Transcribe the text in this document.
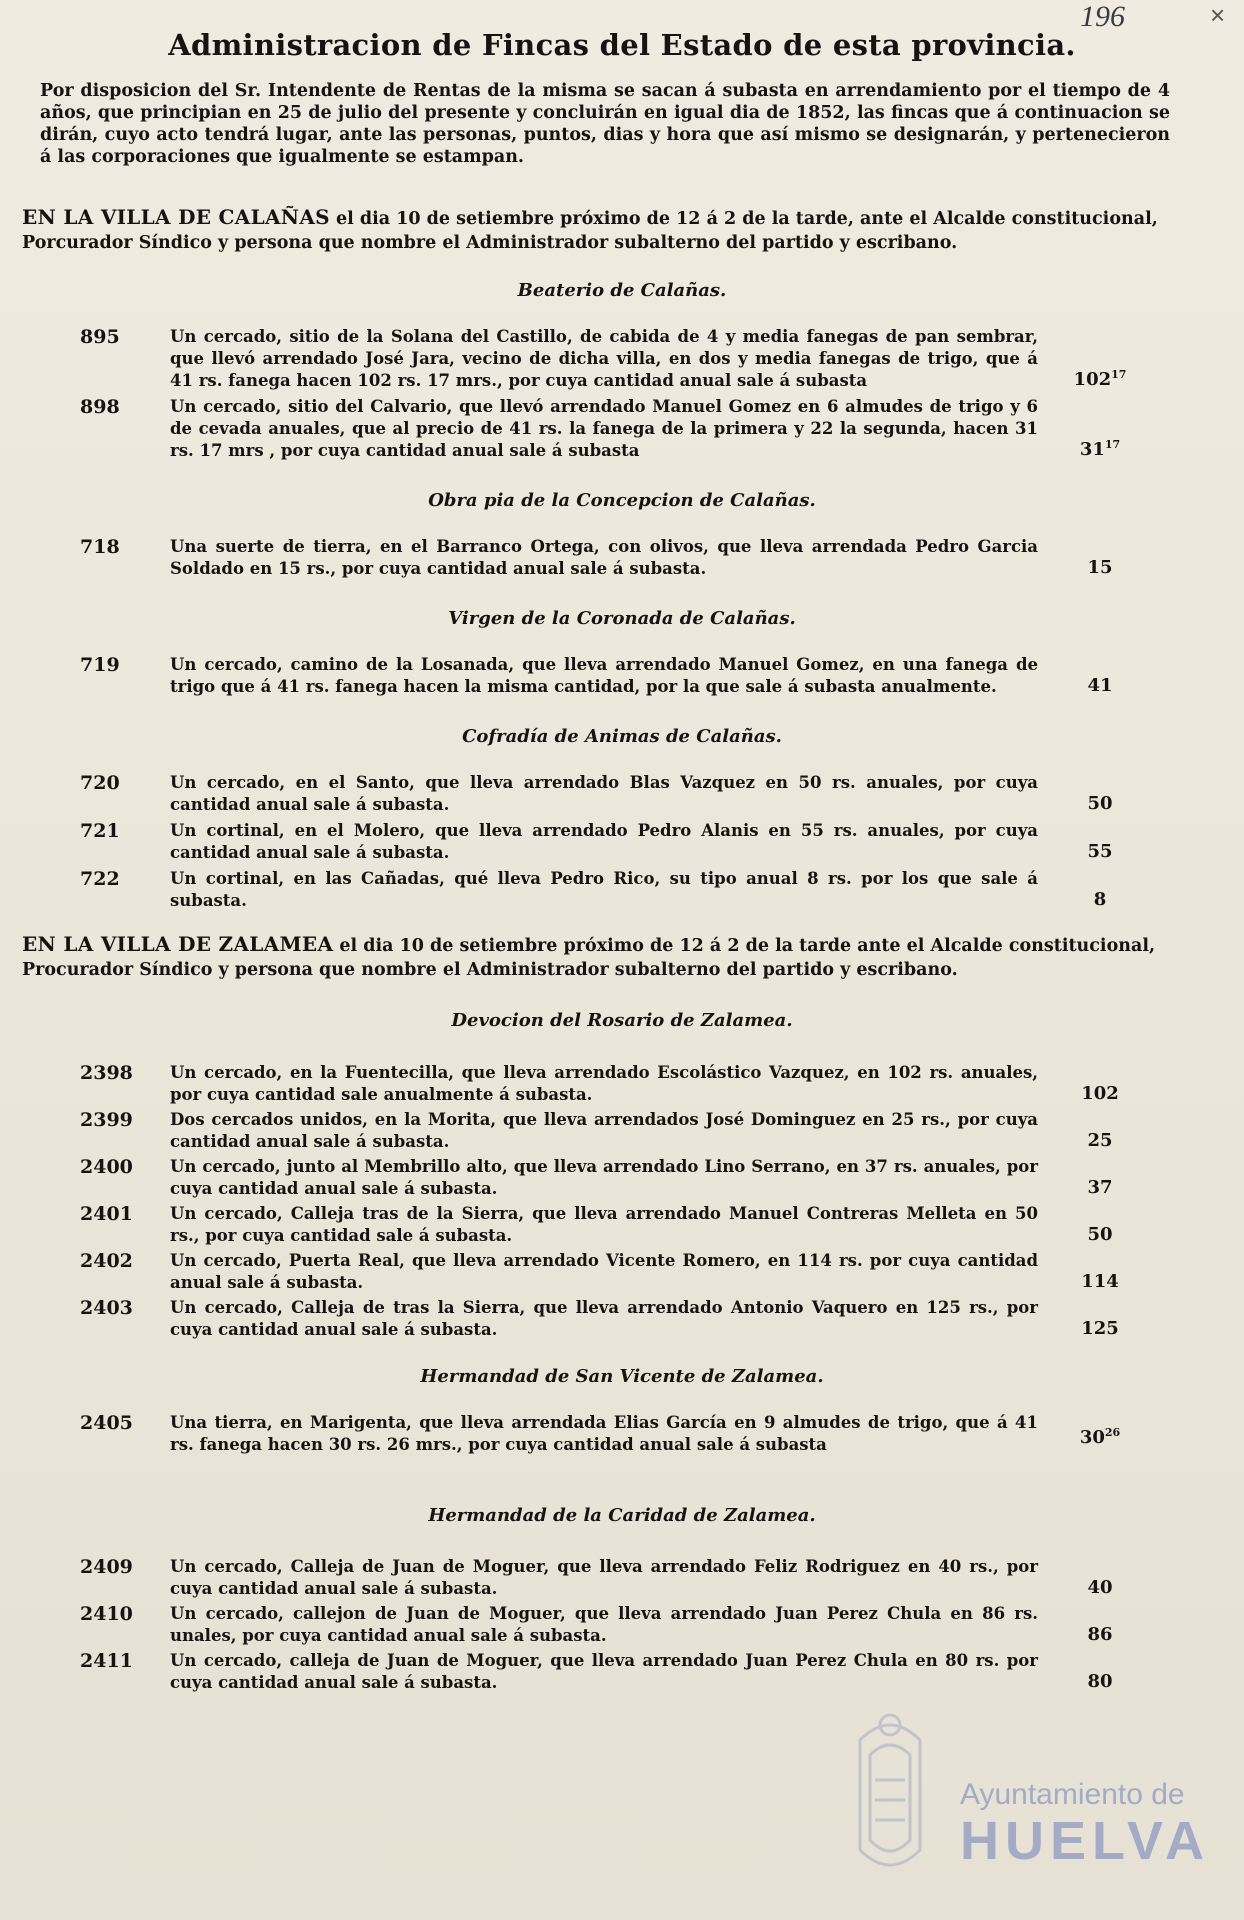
196	×
Administracion de Fincas del Estado de esta provincia.
Por disposicion del Sr. Intendente de Rentas de la misma se sacan á subasta en arrendamiento por el tiempo de 4 años, que principian en 25 de julio del presente y concluirán en igual dia de 1852, las fincas que á continuacion se dirán, cuyo acto tendrá lugar, ante las personas, puntos, dias y hora que así mismo se designarán, y pertenecieron á las corporaciones que igualmente se estampan.
EN LA VILLA DE CALAÑAS el dia 10 de setiembre próximo de 12 á 2 de la tarde, ante el Alcalde constitucional, Porcurador Síndico y persona que nombre el Administrador subalterno del partido y escribano.
Beaterio de Calañas.
895	Un cercado, sitio de la Solana del Castillo, de cabida de 4 y media fanegas de pan sembrar, que llevó arrendado José Jara, vecino de dicha villa, en dos y media fanegas de trigo, que á 41 rs. fanega hacen 102 rs. 17 mrs., por cuya cantidad anual sale á subasta	$102^{17}$
898	Un cercado, sitio del Calvario, que llevó arrendado Manuel Gomez en 6 almudes de trigo y 6 de cevada anuales, que al precio de 41 rs. la fanega de la primera y 22 la segunda, hacen 31 rs. 17 mrs , por cuya cantidad anual sale á subasta	$31^{17}$
Obra pia de la Concepcion de Calañas.
718	Una suerte de tierra, en el Barranco Ortega, con olivos, que lleva arrendada Pedro Garcia Soldado en 15 rs., por cuya cantidad anual sale á subasta.	15
Virgen de la Coronada de Calañas.
719	Un cercado, camino de la Losanada, que lleva arrendado Manuel Gomez, en una fanega de trigo que á 41 rs. fanega hacen la misma cantidad, por la que sale á subasta anualmente.	41
Cofradía de Animas de Calañas.
720	Un cercado, en el Santo, que lleva arrendado Blas Vazquez en 50 rs. anuales, por cuya cantidad anual sale á subasta.	50
721	Un cortinal, en el Molero, que lleva arrendado Pedro Alanis en 55 rs. anuales, por cuya cantidad anual sale á subasta.	55
722	Un cortinal, en las Cañadas, qué lleva Pedro Rico, su tipo anual 8 rs. por los que sale á subasta.	8
EN LA VILLA DE ZALAMEA el dia 10 de setiembre próximo de 12 á 2 de la tarde ante el Alcalde constitucional, Procurador Síndico y persona que nombre el Administrador subalterno del partido y escribano.
Devocion del Rosario de Zalamea.
2398	Un cercado, en la Fuentecilla, que lleva arrendado Escolástico Vazquez, en 102 rs. anuales, por cuya cantidad sale anualmente á subasta.	102
2399	Dos cercados unidos, en la Morita, que lleva arrendados José Dominguez en 25 rs., por cuya cantidad anual sale á subasta.	25
2400	Un cercado, junto al Membrillo alto, que lleva arrendado Lino Serrano, en 37 rs. anuales, por cuya cantidad anual sale á subasta.	37
2401	Un cercado, Calleja tras de la Sierra, que lleva arrendado Manuel Contreras Melleta en 50 rs., por cuya cantidad sale á subasta.	50
2402	Un cercado, Puerta Real, que lleva arrendado Vicente Romero, en 114 rs. por cuya cantidad anual sale á subasta.	114
2403	Un cercado, Calleja de tras la Sierra, que lleva arrendado Antonio Vaquero en 125 rs., por cuya cantidad anual sale á subasta.	125
Hermandad de San Vicente de Zalamea.
2405	Una tierra, en Marigenta, que lleva arrendada Elias García en 9 almudes de trigo, que á 41 rs. fanega hacen 30 rs. 26 mrs., por cuya cantidad anual sale á subasta	$30^{26}$
Hermandad de la Caridad de Zalamea.
2409	Un cercado, Calleja de Juan de Moguer, que lleva arrendado Feliz Rodriguez en 40 rs., por cuya cantidad anual sale á subasta.	40
2410	Un cercado, callejon de Juan de Moguer, que lleva arrendado Juan Perez Chula en 86 rs. unales, por cuya cantidad anual sale á subasta.	86
2411	Un cercado, calleja de Juan de Moguer, que lleva arrendado Juan Perez Chula en 80 rs. por cuya cantidad anual sale á subasta.	80
Ayuntamiento de
HUELVA
